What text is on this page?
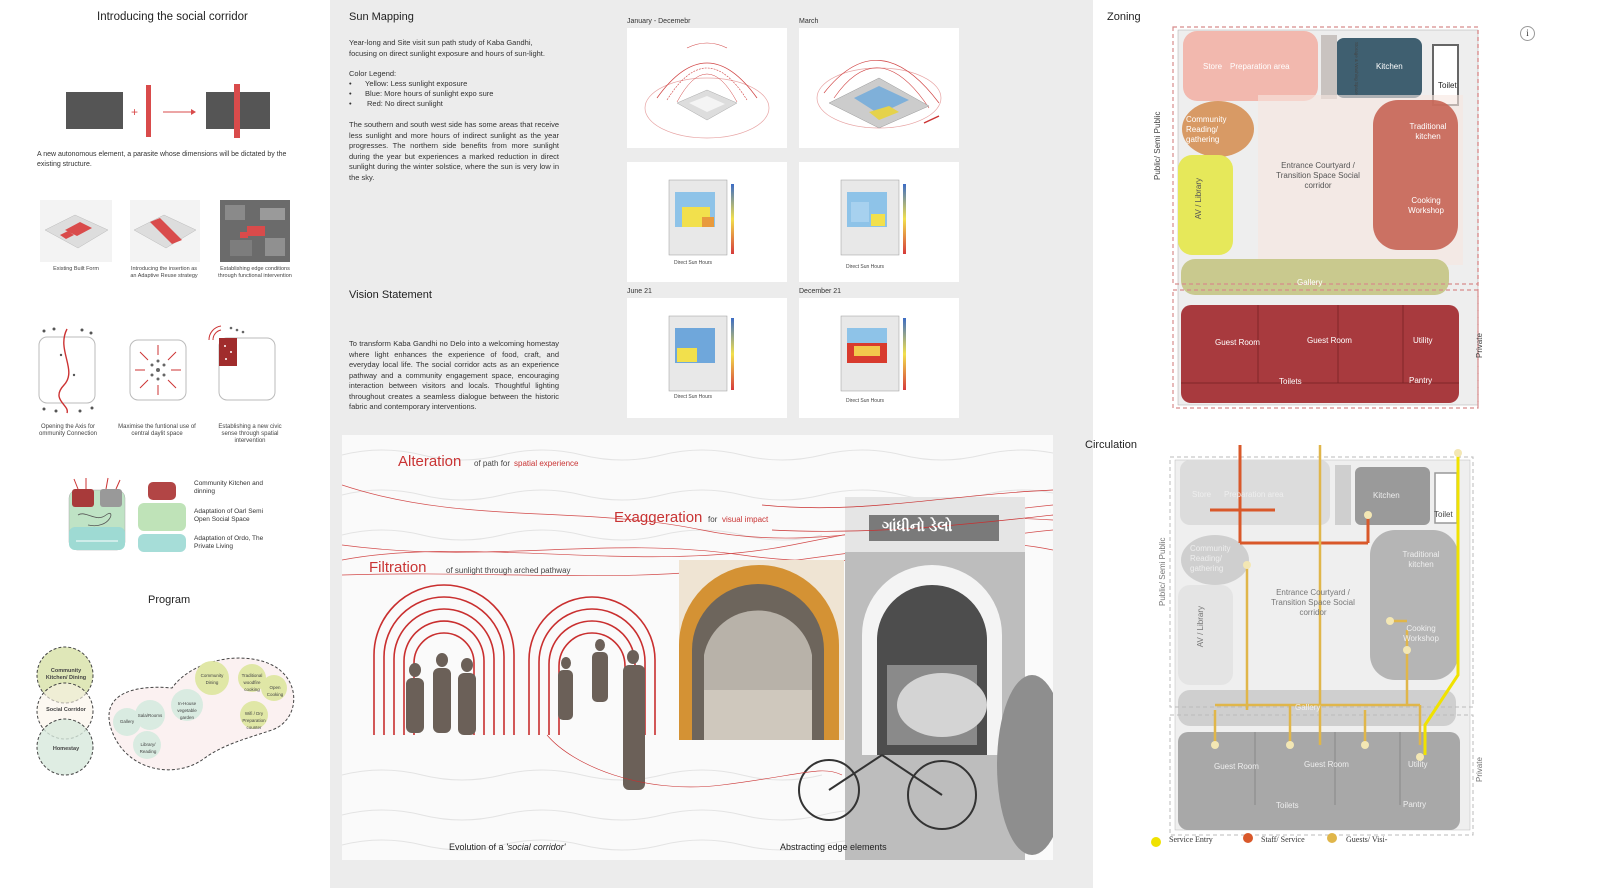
Introducing the social corridor
+
A new autonomous element, a parasite whose dimensions will be dictated by the existing structure.
Existing Built Form	Introducing the insertion as an Adaptive Reuse strategy
Establishing edge conditions through functional intervention
Opening the Axis for ommunity Connection
Maximise the funtional use of central daylit space
Establishing a new civic sense through spatial intervention
Community Kitchen and dinning
Adaptation of Oarl Semi Open Social Space
Adaptation of Ordo, The Private Living
Program
Community Kitchen/ Dining
Social Corridor
Homestay
Gallery
Sala/Rooms
In-House vegetable garden
Library/ Reading
Community Dining
Traditional woodfire cooking	Open Cooking
Wifi / Dry Preparation counter
Sun Mapping
Year-long and Site visit sun path study of Kaba Gandhi, focusing on direct sunlight exposure and hours of sun-light.
Color Legend:
• Yellow: Less sunlight exposure
• Blue: More hours of sunlight expo sure
• Red: No direct sunlight
The southern and south west side has some areas that receive less sunlight and more hours of indirect sunlight as the year progresses. The northern side benefits from more sunlight during the year but experiences a marked reduction in direct sunlight during the winter solstice, where the sun is very low in the sky.
Vision Statement
To transform Kaba Gandhi no Delo into a welcoming homestay where light enhances the experience of food, craft, and everyday local life. The social corridor acts as an experience pathway and a community engagement space, encouraging interaction between visitors and locals. Thoughtful lighting throughout creates a seamless dialogue between the historic fabric and contemporary interventions.
January - Decemebr	March
June 21	December 21
Direct Sun Hours
Direct Sun Hours
Direct Sun Hours
Direct Sun Hours
Alteration of path for spatial experience
Exaggeration for visual impact
Filtration of sunlight through arched pathway
ગાંધીનો ડેલો
Evolution of a 'social corridor'	Abstracting edge elements
Zoning
i
Store Preparation area	Storage & Washing Space Kitchen
Toilet
Community Reading/ gathering
Traditional kitchen
Entrance Courtyard / Transition Space Social corridor
AV / Library	Cooking Workshop
Gallery
Guest Room	Guest Room	Utility
Toilets	Pantry
Public/ Semi Public
Private
Circulation
Store Preparation area	Kitchen
Toilet
Community Reading/ gathering
Traditional kitchen
Entrance Courtyard / Transition Space Social corridor
AV / Library	Cooking Workshop
Gallery
Guest Room	Guest Room	Utility
Toilets	Pantry
Public/ Semi Public
Private
Service Entry	Staff/ Service	Guests/ Visi-
